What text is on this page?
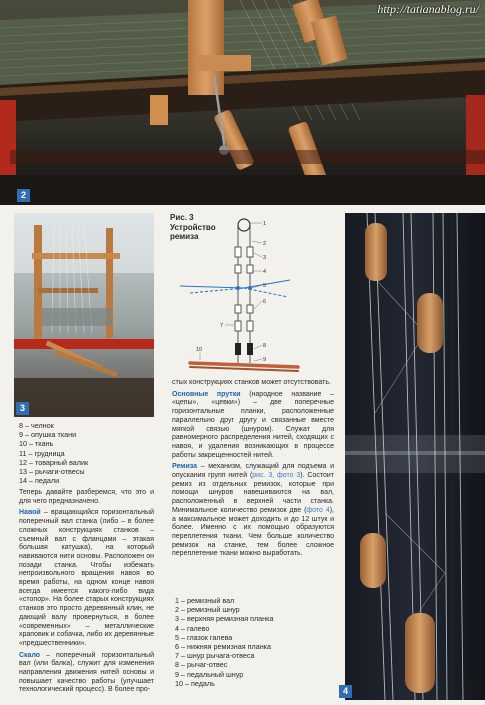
2
http://tatianablog.ru/
3
8 – челнок
9 – опушка ткани
10 – ткань
11 – грудница
12 – товарный валик
13 – рычаги-отвесы
14 – педали
Теперь давайте разберемся, что это и для чего предназначено.
Навой – вращающийся горизонтальный поперечный вал станка (либо – в более сложных конструкциях станков – съемный вал с фланцами – этакая большая катушка), на который навиваются нити основы. Расположен он позади станка. Чтобы избежать непроизвольного вращения навоя во время работы, на одном конце навоя всегда имеется какого-либо вида «стопор». На более старых конструкциях станков это просто деревянный клин, не дающий валу провернуться, в более «современных» – металлические храповик и собачка, либо их деревянные «предшественники».
Скало – поперечный горизонтальный вал (или балка), служит для изменения направления движения нитей основы и повышает качество работы (улучшает технологический процесс). В более про-
Рис. 3
Устройство
ремиза
1
2
3
4
5
6
7
8
9
10
стых конструкциях станков может отсутствовать.
Основные прутки (народное название – «цепы», «цевки») – две поперечные горизонтальные планки, расположенные параллельно друг другу и связанные вместе мягкой связью (шнуром). Служат для равномерного распределения нитей, сходящих с навоя, и удаления возникающих в процессе работы закрещенностей нитей.
Ремиза – механизм, служащий для подъема и опускания групп нитей (рис. 3, фото 3). Состоит ремиз из отдельных ремизок, которые при помощи шнуров навешиваются на вал, расположенный в верхней части станка. Минимальное количество ремизок две (фото 4), а максимальное может доходить и до 12 штук и более. Именно с их помощью образуются переплетения ткани. Чем больше количество ремизок на станке, тем более сложное переплетение ткани можно выработать.
1 – ремизный вал
2 – ремизный шнур
3 – верхняя ремизная планка
4 – галево
5 – глазок галева
6 – нижняя ремизная планка
7 – шнур рычага-отвеса
8 – рычаг-отвес
9 – педальный шнур
10 – педаль
4	61
